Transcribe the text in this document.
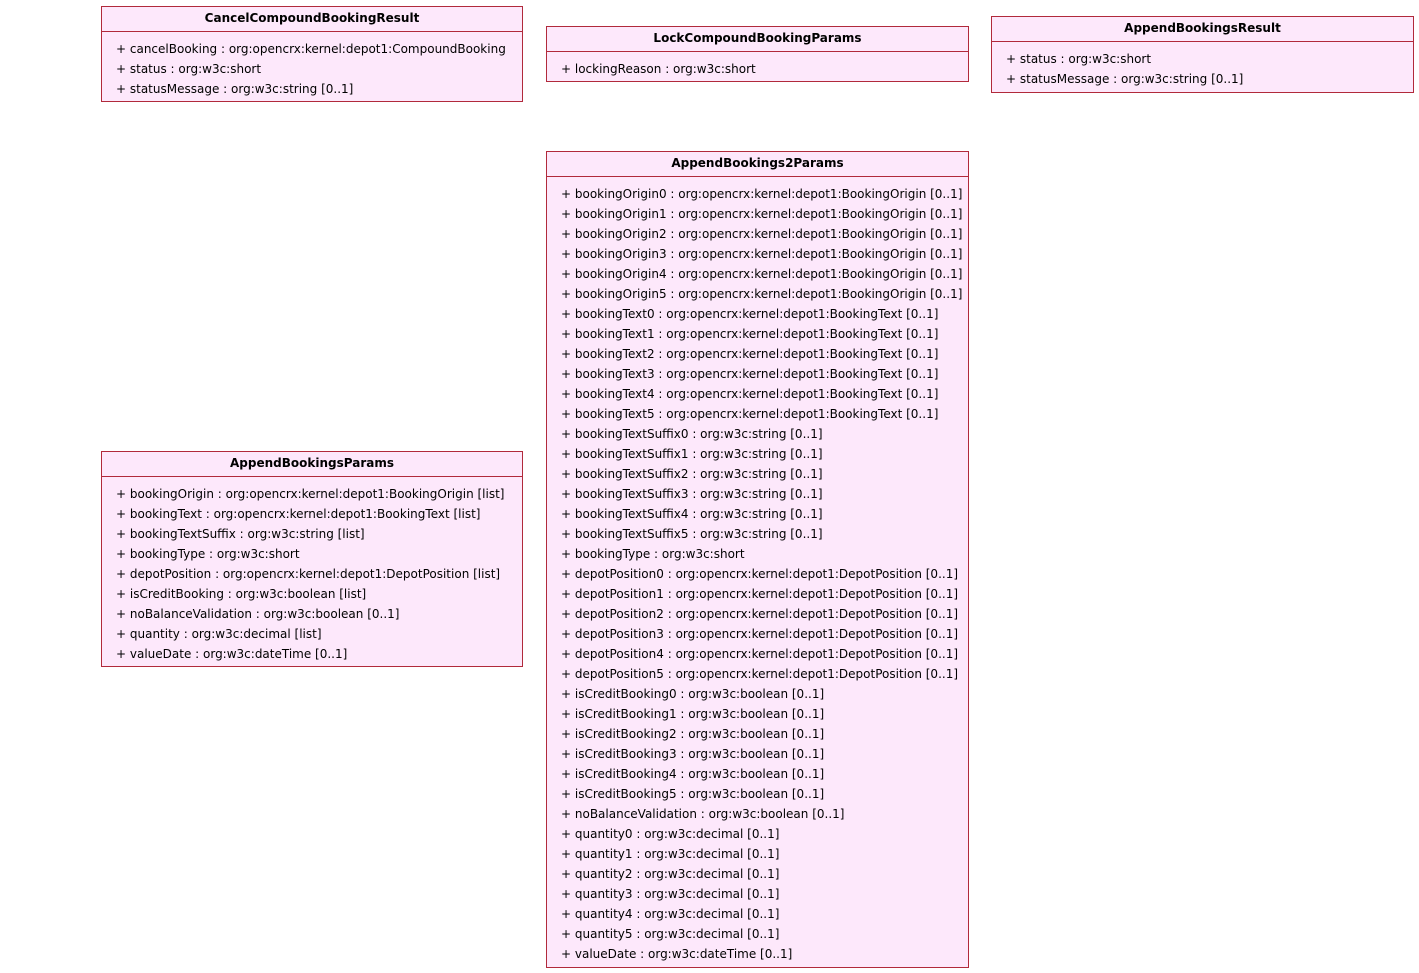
CancelCompoundBookingResult
+ cancelBooking : org:opencrx:kernel:depot1:CompoundBooking
+ status : org:w3c:short
+ statusMessage : org:w3c:string [0..1]
LockCompoundBookingParams
+ lockingReason : org:w3c:short
AppendBookingsResult
+ status : org:w3c:short
+ statusMessage : org:w3c:string [0..1]
AppendBookings2Params
+ bookingOrigin0 : org:opencrx:kernel:depot1:BookingOrigin [0..1]
+ bookingOrigin1 : org:opencrx:kernel:depot1:BookingOrigin [0..1]
+ bookingOrigin2 : org:opencrx:kernel:depot1:BookingOrigin [0..1]
+ bookingOrigin3 : org:opencrx:kernel:depot1:BookingOrigin [0..1]
+ bookingOrigin4 : org:opencrx:kernel:depot1:BookingOrigin [0..1]
+ bookingOrigin5 : org:opencrx:kernel:depot1:BookingOrigin [0..1]
+ bookingText0 : org:opencrx:kernel:depot1:BookingText [0..1]
+ bookingText1 : org:opencrx:kernel:depot1:BookingText [0..1]
+ bookingText2 : org:opencrx:kernel:depot1:BookingText [0..1]
+ bookingText3 : org:opencrx:kernel:depot1:BookingText [0..1]
+ bookingText4 : org:opencrx:kernel:depot1:BookingText [0..1]
+ bookingText5 : org:opencrx:kernel:depot1:BookingText [0..1]
+ bookingTextSuffix0 : org:w3c:string [0..1]
+ bookingTextSuffix1 : org:w3c:string [0..1]
+ bookingTextSuffix2 : org:w3c:string [0..1]
+ bookingTextSuffix3 : org:w3c:string [0..1]
+ bookingTextSuffix4 : org:w3c:string [0..1]
+ bookingTextSuffix5 : org:w3c:string [0..1]
+ bookingType : org:w3c:short
+ depotPosition0 : org:opencrx:kernel:depot1:DepotPosition [0..1]
+ depotPosition1 : org:opencrx:kernel:depot1:DepotPosition [0..1]
+ depotPosition2 : org:opencrx:kernel:depot1:DepotPosition [0..1]
+ depotPosition3 : org:opencrx:kernel:depot1:DepotPosition [0..1]
+ depotPosition4 : org:opencrx:kernel:depot1:DepotPosition [0..1]
+ depotPosition5 : org:opencrx:kernel:depot1:DepotPosition [0..1]
+ isCreditBooking0 : org:w3c:boolean [0..1]
+ isCreditBooking1 : org:w3c:boolean [0..1]
+ isCreditBooking2 : org:w3c:boolean [0..1]
+ isCreditBooking3 : org:w3c:boolean [0..1]
+ isCreditBooking4 : org:w3c:boolean [0..1]
+ isCreditBooking5 : org:w3c:boolean [0..1]
+ noBalanceValidation : org:w3c:boolean [0..1]
+ quantity0 : org:w3c:decimal [0..1]
+ quantity1 : org:w3c:decimal [0..1]
+ quantity2 : org:w3c:decimal [0..1]
+ quantity3 : org:w3c:decimal [0..1]
+ quantity4 : org:w3c:decimal [0..1]
+ quantity5 : org:w3c:decimal [0..1]
+ valueDate : org:w3c:dateTime [0..1]
AppendBookingsParams
+ bookingOrigin : org:opencrx:kernel:depot1:BookingOrigin [list]
+ bookingText : org:opencrx:kernel:depot1:BookingText [list]
+ bookingTextSuffix : org:w3c:string [list]
+ bookingType : org:w3c:short
+ depotPosition : org:opencrx:kernel:depot1:DepotPosition [list]
+ isCreditBooking : org:w3c:boolean [list]
+ noBalanceValidation : org:w3c:boolean [0..1]
+ quantity : org:w3c:decimal [list]
+ valueDate : org:w3c:dateTime [0..1]
